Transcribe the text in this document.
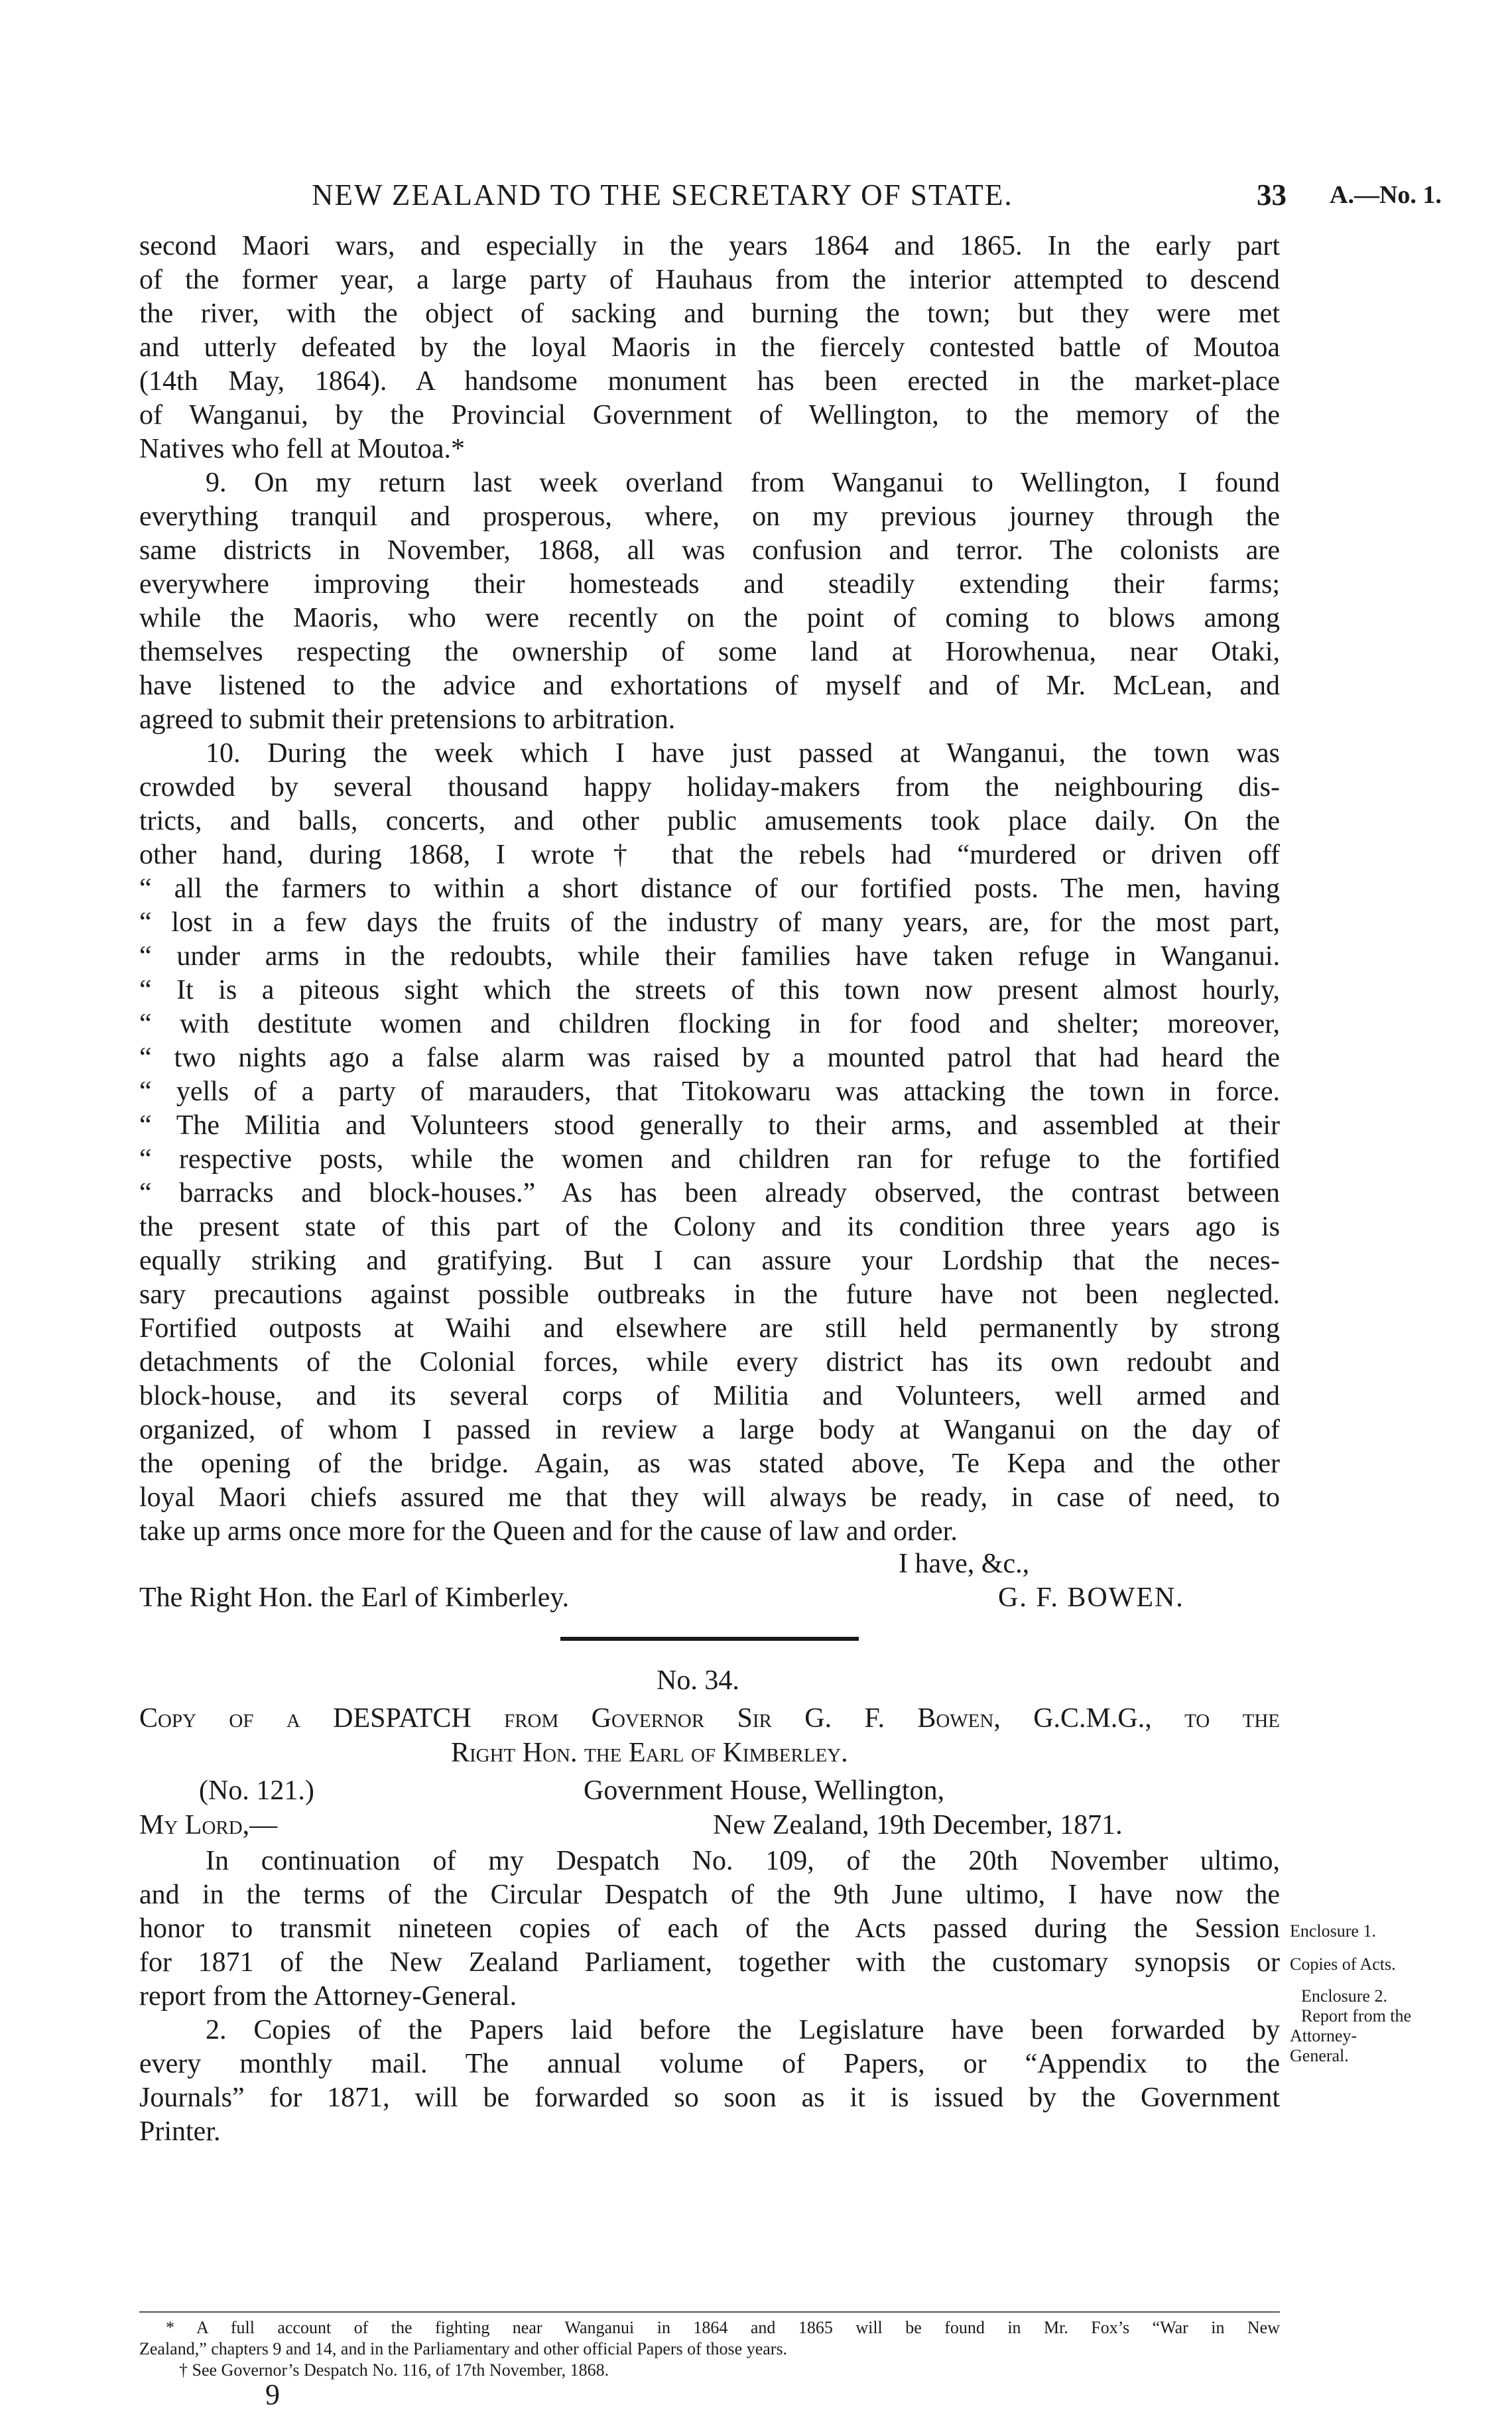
NEW ZEALAND TO THE SECRETARY OF STATE.	33 A.—No. 1.
second Maori wars, and especially in the years 1864 and 1865. In the early part
of the former year, a large party of Hauhaus from the interior attempted to descend
the river, with the object of sacking and burning the town; but they were met
and utterly defeated by the loyal Maoris in the fiercely contested battle of Moutoa
(14th May, 1864). A handsome monument has been erected in the market-place
of Wanganui, by the Provincial Government of Wellington, to the memory of the
Natives who fell at Moutoa.*
9. On my return last week overland from Wanganui to Wellington, I found
everything tranquil and prosperous, where, on my previous journey through the
same districts in November, 1868, all was confusion and terror. The colonists are
everywhere improving their homesteads and steadily extending their farms;
while the Maoris, who were recently on the point of coming to blows among
themselves respecting the ownership of some land at Horowhenua, near Otaki,
have listened to the advice and exhortations of myself and of Mr. McLean, and
agreed to submit their pretensions to arbitration.
10. During the week which I have just passed at Wanganui, the town was
crowded by several thousand happy holiday-makers from the neighbouring dis-
tricts, and balls, concerts, and other public amusements took place daily. On the
other hand, during 1868, I wrote† that the rebels had “murdered or driven off
“ all the farmers to within a short distance of our fortified posts. The men, having
“ lost in a few days the fruits of the industry of many years, are, for the most part,
“ under arms in the redoubts, while their families have taken refuge in Wanganui.
“ It is a piteous sight which the streets of this town now present almost hourly,
“ with destitute women and children flocking in for food and shelter; moreover,
“ two nights ago a false alarm was raised by a mounted patrol that had heard the
“ yells of a party of marauders, that Titokowaru was attacking the town in force.
“ The Militia and Volunteers stood generally to their arms, and assembled at their
“ respective posts, while the women and children ran for refuge to the fortified
“ barracks and block-houses.” As has been already observed, the contrast between
the present state of this part of the Colony and its condition three years ago is
equally striking and gratifying. But I can assure your Lordship that the neces-
sary precautions against possible outbreaks in the future have not been neglected.
Fortified outposts at Waihi and elsewhere are still held permanently by strong
detachments of the Colonial forces, while every district has its own redoubt and
block-house, and its several corps of Militia and Volunteers, well armed and
organized, of whom I passed in review a large body at Wanganui on the day of
the opening of the bridge. Again, as was stated above, Te Kepa and the other
loyal Maori chiefs assured me that they will always be ready, in case of need, to
take up arms once more for the Queen and for the cause of law and order.
I have, &c.,
The Right Hon. the Earl of Kimberley.	G. F. BOWEN.
No. 34.
Copy of a DESPATCH from Governor Sir G. F. Bowen, G.C.M.G., to the
Right Hon. the Earl of Kimberley.
(No. 121.)	Government House, Wellington,
My Lord,—	New Zealand, 19th December, 1871.
In continuation of my Despatch No. 109, of the 20th November ultimo,
and in the terms of the Circular Despatch of the 9th June ultimo, I have now the
honor to transmit nineteen copies of each of the Acts passed during the Session
for 1871 of the New Zealand Parliament, together with the customary synopsis or
report from the Attorney-General.
2. Copies of the Papers laid before the Legislature have been forwarded by
every monthly mail. The annual volume of Papers, or “Appendix to the
Journals” for 1871, will be forwarded so soon as it is issued by the Government
Printer.
Enclosure 1.
Copies of Acts.
Enclosure 2.
Report from the
Attorney-
General.
* A full account of the fighting near Wanganui in 1864 and 1865 will be found in Mr. Fox’s “War in New
Zealand,” chapters 9 and 14, and in the Parliamentary and other official Papers of those years.
† See Governor’s Despatch No. 116, of 17th November, 1868.
9
